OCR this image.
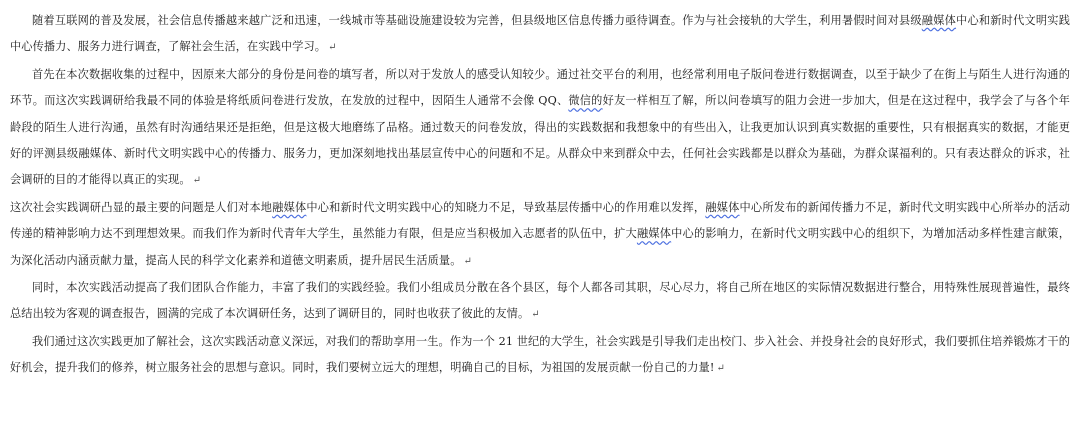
随着互联网的普及发展，社会信息传播越来越广泛和迅速，一线城市等基础设施建设较为完善，但县级地区信息传播力亟待调查。作为与社会接轨的大学生，利用暑假时间对县级融媒体中心和新时代文明实践中心传播力、服务力进行调查，了解社会生活，在实践中学习。 ↵

首先在本次数据收集的过程中，因原来大部分的身份是问卷的填写者，所以对于发放人的感受认知较少。通过社交平台的利用，也经常利用电子版问卷进行数据调查，以至于缺少了在街上与陌生人进行沟通的环节。而这次实践调研给我最不同的体验是将纸质问卷进行发放，在发放的过程中，因陌生人通常不会像 QQ、微信的好友一样相互了解，所以问卷填写的阻力会进一步加大，但是在这过程中，我学会了与各个年龄段的陌生人进行沟通，虽然有时沟通结果还是拒绝，但是这极大地磨练了品格。通过数天的问卷发放，得出的实践数据和我想象中的有些出入，让我更加认识到真实数据的重要性，只有根据真实的数据，才能更好的评测县级融媒体、新时代文明实践中心的传播力、服务力，更加深刻地找出基层宣传中心的问题和不足。从群众中来到群众中去，任何社会实践都是以群众为基础，为群众谋福利的。只有表达群众的诉求，社会调研的目的才能得以真正的实现。 ↵

这次社会实践调研凸显的最主要的问题是人们对本地融媒体中心和新时代文明实践中心的知晓力不足，导致基层传播中心的作用难以发挥，融媒体中心所发布的新闻传播力不足，新时代文明实践中心所举办的活动传递的精神影响力达不到理想效果。而我们作为新时代青年大学生，虽然能力有限，但是应当积极加入志愿者的队伍中，扩大融媒体中心的影响力，在新时代文明实践中心的组织下，为增加活动多样性建言献策，为深化活动内涵贡献力量，提高人民的科学文化素养和道德文明素质，提升居民生活质量。 ↵

同时，本次实践活动提高了我们团队合作能力，丰富了我们的实践经验。我们小组成员分散在各个县区，每个人都各司其职，尽心尽力，将自己所在地区的实际情况数据进行整合，用特殊性展现普遍性，最终总结出较为客观的调查报告，圆满的完成了本次调研任务，达到了调研目的，同时也收获了彼此的友情。 ↵

我们通过这次实践更加了解社会，这次实践活动意义深远，对我们的帮助享用一生。作为一个 21 世纪的大学生，社会实践是引导我们走出校门、步入社会、并投身社会的良好形式，我们要抓住培养锻炼才干的好机会，提升我们的修养，树立服务社会的思想与意识。同时，我们要树立远大的理想，明确自己的目标，为祖国的发展贡献一份自己的力量! ↵
